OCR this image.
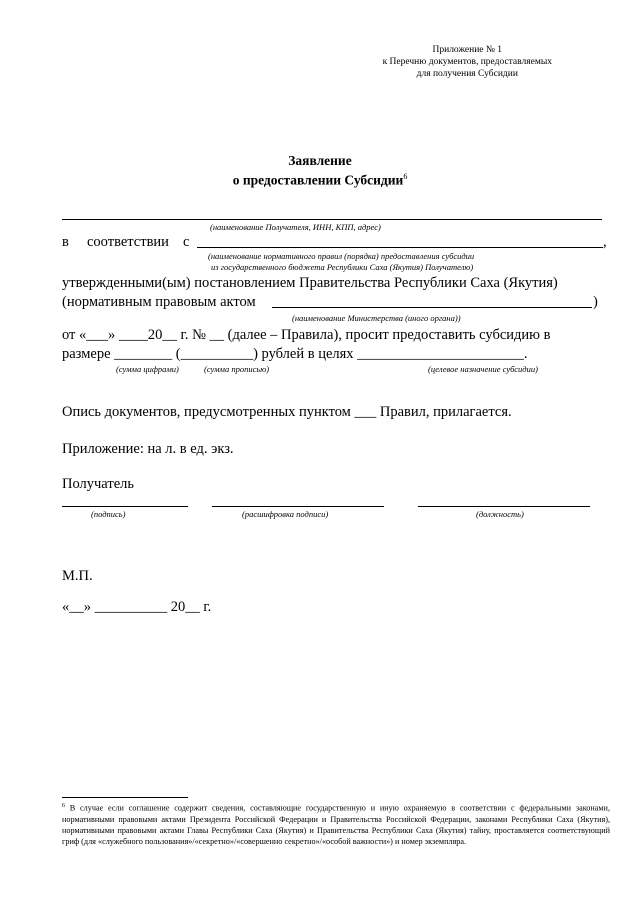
Приложение № 1
к Перечню документов, предоставляемых
для получения Субсидии
Заявление
о предоставлении Субсидии$^6$
(наименование Получателя, ИНН, КПП, адрес)
в соответствии с	,
(наименование нормативного правил (порядка) предоставления субсидии
из государственного бюджета Республики Саха (Якутия) Получателю)
утвержденными(ым) постановлением Правительства Республики Саха (Якутия)
(нормативным правовым актом	)
(наименование Министерства (иного органа))
от «___» ____20__ г. № __ (далее – Правила), просит предоставить субсидию в
размере ________ (__________) рублей в целях _______________________.
(сумма цифрами)	(сумма прописью)	(целевое назначение субсидии)
Опись документов, предусмотренных пунктом ___ Правил, прилагается.
Приложение: на л. в ед. экз.
Получатель
(подпись)	(расшифровка подписи)	(должность)
М.П.
«__» __________ 20__ г.
$^6$ В случае если соглашение содержит сведения, составляющие государственную и иную охраняемую в соответствии с федеральными законами, нормативными правовыми актами Президента Российской Федерации и Правительства Российской Федерации, законами Республики Саха (Якутия), нормативными правовыми актами Главы Республики Саха (Якутия) и Правительства Республики Саха (Якутия) тайну, проставляется соответствующий гриф (для «служебного пользования»/«секретно»/«совершенно секретно»/«особой важности») и номер экземпляра.
